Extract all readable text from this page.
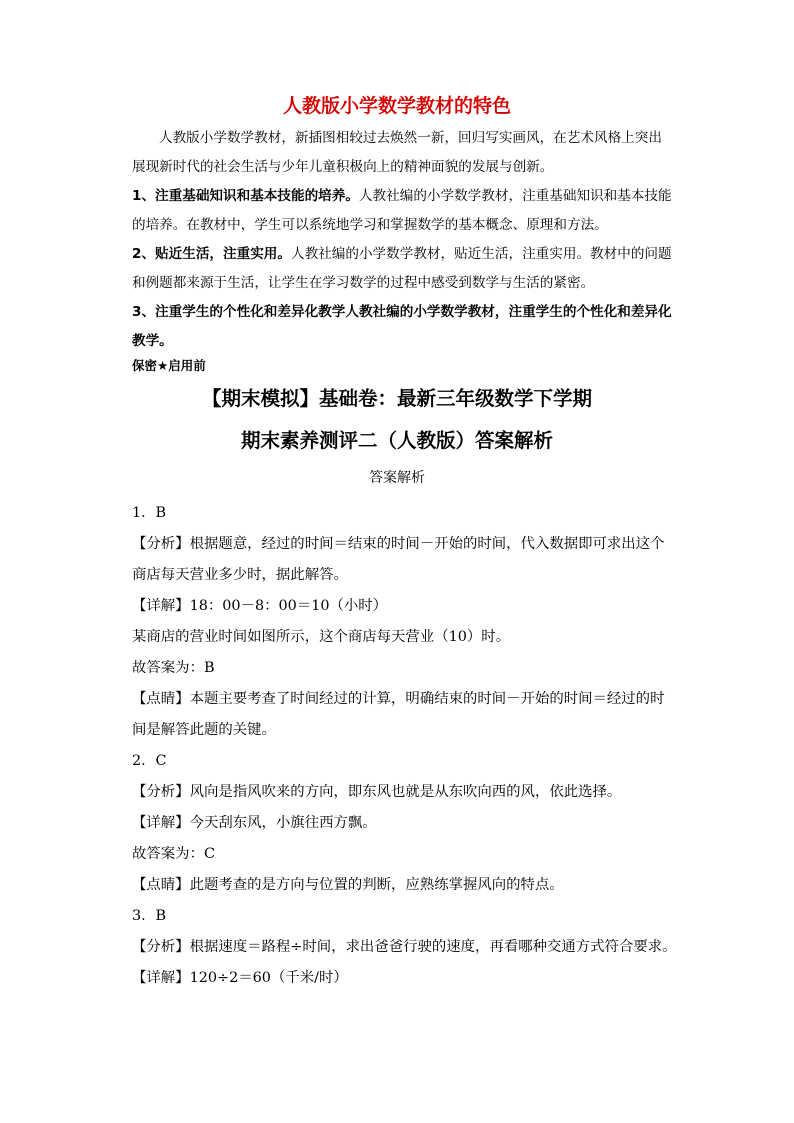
人教版小学数学教材的特色

人教版小学数学教材，新插图相较过去焕然一新，回归写实画风，在艺术风格上突出展现新时代的社会生活与少年儿童积极向上的精神面貌的发展与创新。

1、注重基础知识和基本技能的培养。人教社编的小学数学教材，注重基础知识和基本技能的培养。在教材中，学生可以系统地学习和掌握数学的基本概念、原理和方法。

2、贴近生活，注重实用。人教社编的小学数学教材，贴近生活，注重实用。教材中的问题和例题都来源于生活，让学生在学习数学的过程中感受到数学与生活的紧密。

3、注重学生的个性化和差异化教学人教社编的小学数学教材，注重学生的个性化和差异化教学。

保密★启用前
【期末模拟】基础卷：最新三年级数学下学期
期末素养测评二（人教版）答案解析
答案解析

1．B

【分析】根据题意，经过的时间＝结束的时间－开始的时间，代入数据即可求出这个商店每天营业多少时，据此解答。

【详解】18：00－8：00＝10（小时）

某商店的营业时间如图所示，这个商店每天营业（10）时。

故答案为：B

【点睛】本题主要考查了时间经过的计算，明确结束的时间－开始的时间＝经过的时间是解答此题的关键。

2．C

【分析】风向是指风吹来的方向，即东风也就是从东吹向西的风，依此选择。

【详解】今天刮东风，小旗往西方飘。

故答案为：C

【点睛】此题考查的是方向与位置的判断，应熟练掌握风向的特点。

3．B

【分析】根据速度＝路程÷时间，求出爸爸行驶的速度，再看哪种交通方式符合要求。

【详解】120÷2＝60（千米/时）
